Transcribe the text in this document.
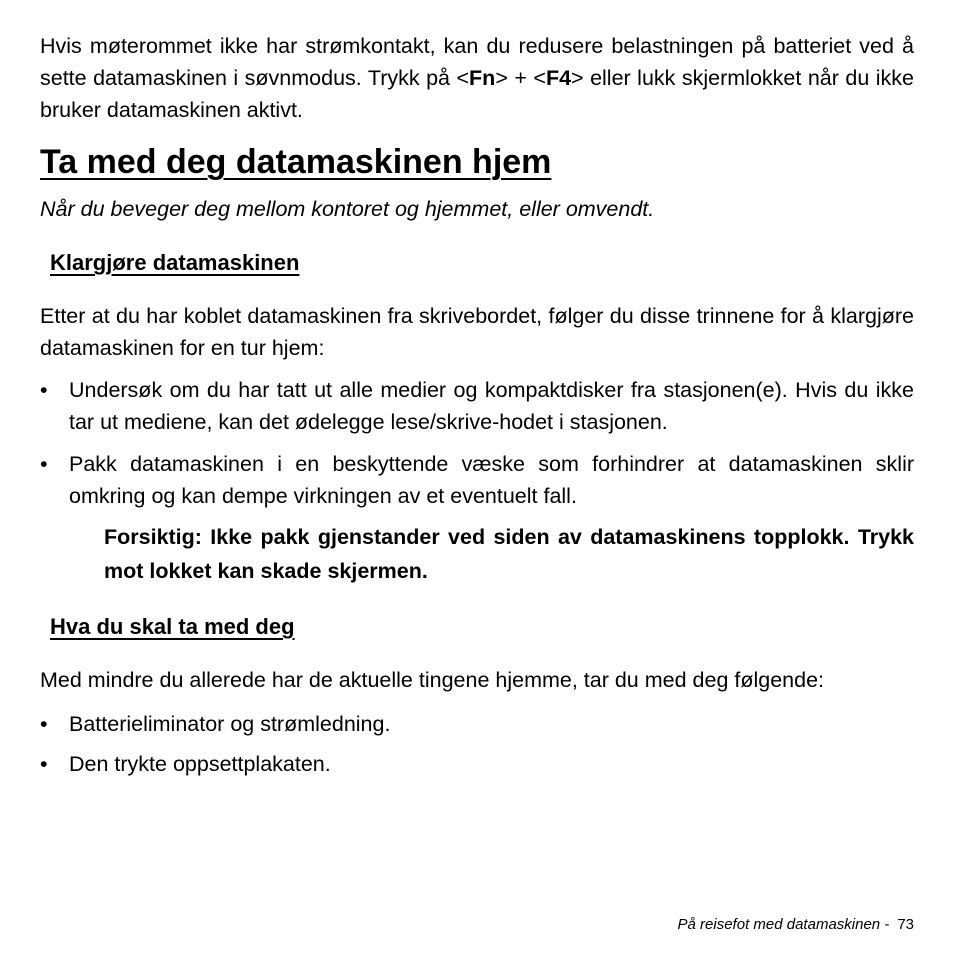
Hvis møterommet ikke har strømkontakt, kan du redusere belastningen på batteriet ved å sette datamaskinen i søvnmodus. Trykk på <Fn> + <F4> eller lukk skjermlokket når du ikke bruker datamaskinen aktivt.

Ta med deg datamaskinen hjem

Når du beveger deg mellom kontoret og hjemmet, eller omvendt.

Klargjøre datamaskinen

Etter at du har koblet datamaskinen fra skrivebordet, følger du disse trinnene for å klargjøre datamaskinen for en tur hjem:

• Undersøk om du har tatt ut alle medier og kompaktdisker fra stasjonen(e). Hvis du ikke tar ut mediene, kan det ødelegge lese/skrive-hodet i stasjonen.
• Pakk datamaskinen i en beskyttende væske som forhindrer at datamaskinen sklir omkring og kan dempe virkningen av et eventuelt fall.

Forsiktig: Ikke pakk gjenstander ved siden av datamaskinens topplokk. Trykk mot lokket kan skade skjermen.

Hva du skal ta med deg

Med mindre du allerede har de aktuelle tingene hjemme, tar du med deg følgende:

• Batterieliminator og strømledning.
• Den trykte oppsettplakaten.
På reisefot med datamaskinen - 73
